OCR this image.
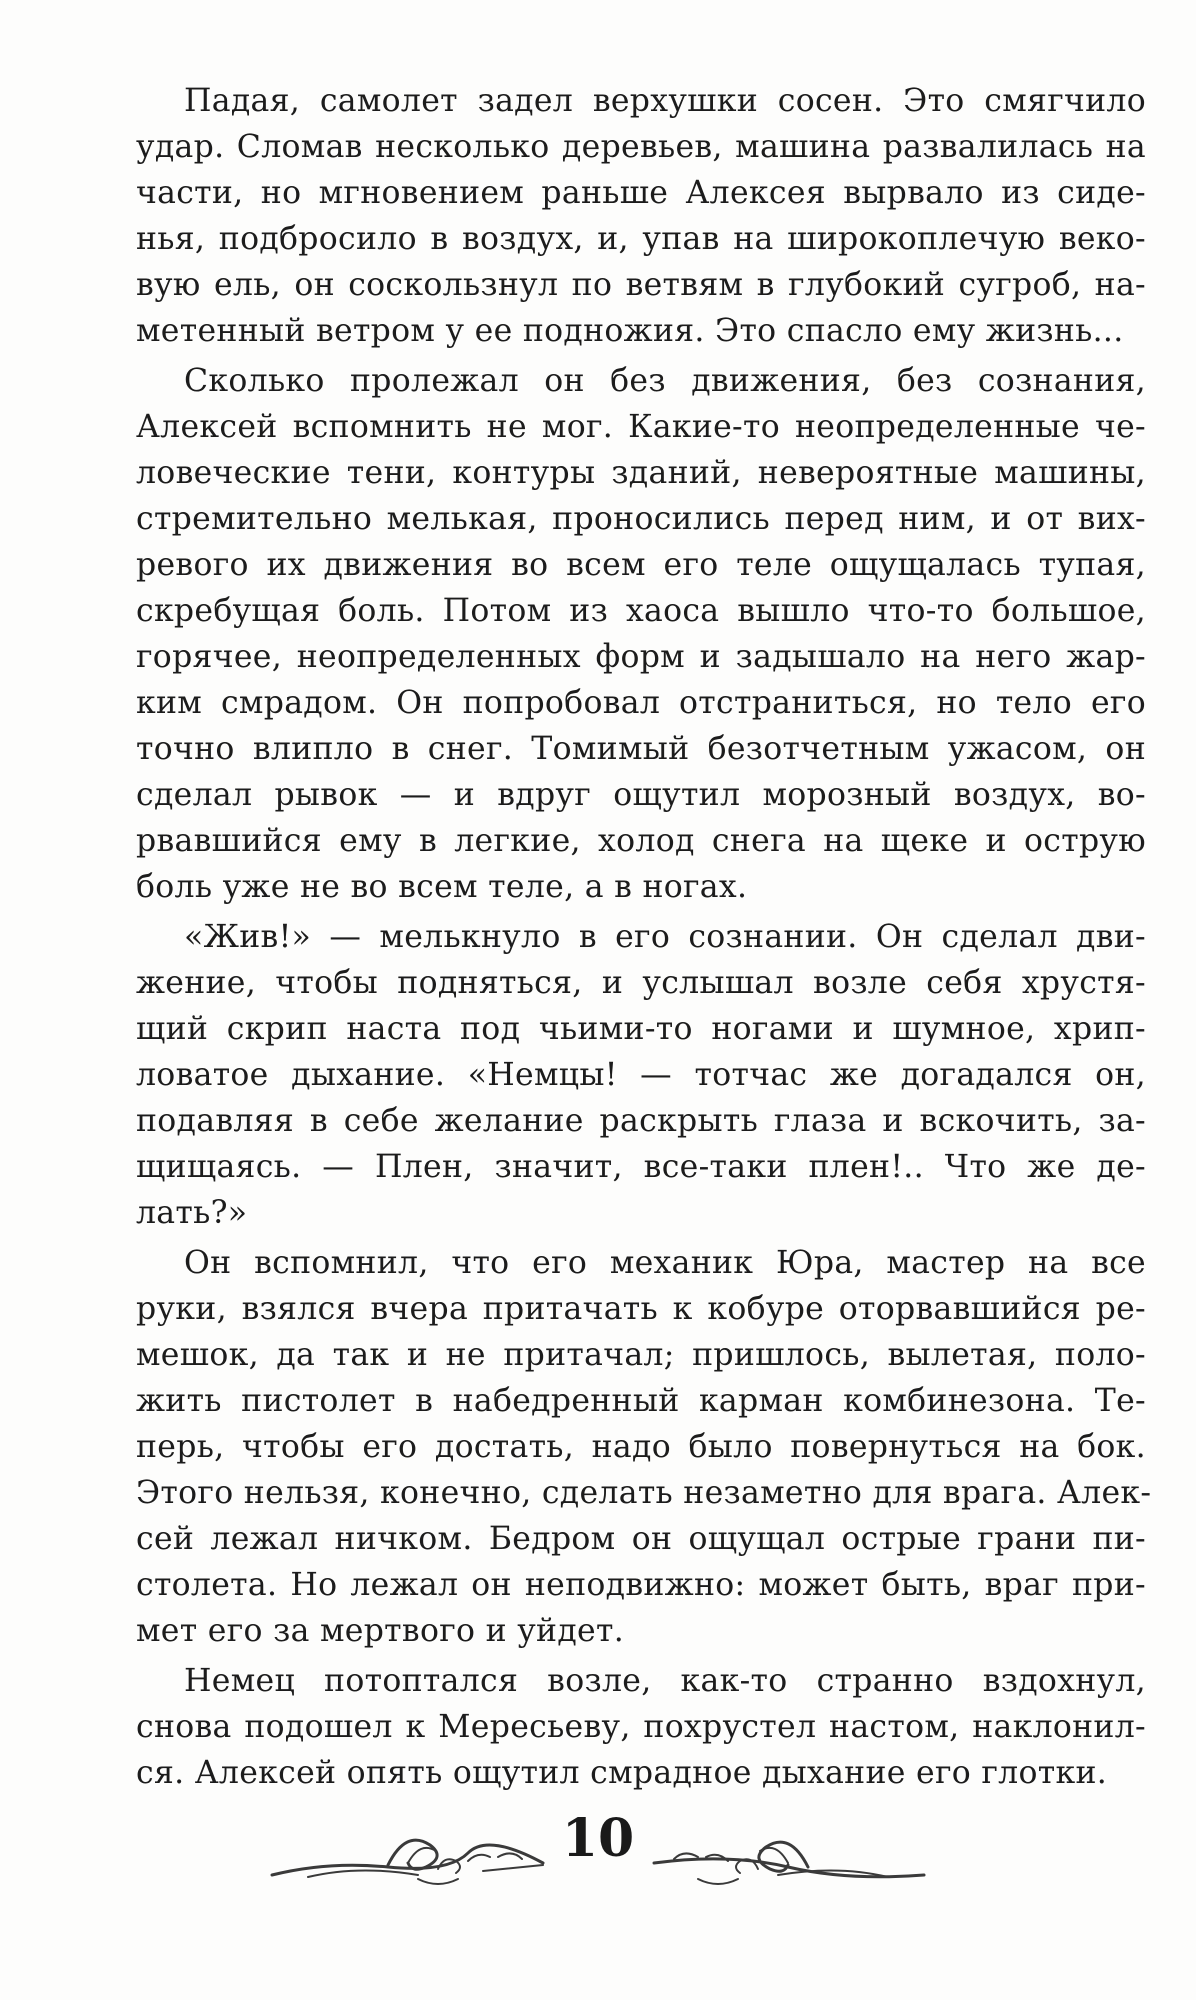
Падая, самолет задел верхушки сосен. Это смягчило
удар. Сломав несколько деревьев, машина развалилась на
части, но мгновением раньше Алексея вырвало из сиде-
нья, подбросило в воздух, и, упав на широкоплечую веко-
вую ель, он соскользнул по ветвям в глубокий сугроб, на-
метенный ветром у ее подножия. Это спасло ему жизнь...
Сколько пролежал он без движения, без сознания,
Алексей вспомнить не мог. Какие-то неопределенные че-
ловеческие тени, контуры зданий, невероятные машины,
стремительно мелькая, проносились перед ним, и от вих-
ревого их движения во всем его теле ощущалась тупая,
скребущая боль. Потом из хаоса вышло что-то большое,
горячее, неопределенных форм и задышало на него жар-
ким смрадом. Он попробовал отстраниться, но тело его
точно влипло в снег. Томимый безотчетным ужасом, он
сделал рывок — и вдруг ощутил морозный воздух, во-
рвавшийся ему в легкие, холод снега на щеке и острую
боль уже не во всем теле, а в ногах.
«Жив!» — мелькнуло в его сознании. Он сделал дви-
жение, чтобы подняться, и услышал возле себя хрустя-
щий скрип наста под чьими-то ногами и шумное, хрип-
ловатое дыхание. «Немцы! — тотчас же догадался он,
подавляя в себе желание раскрыть глаза и вскочить, за-
щищаясь. — Плен, значит, все-таки плен!.. Что же де-
лать?»
Он вспомнил, что его механик Юра, мастер на все
руки, взялся вчера притачать к кобуре оторвавшийся ре-
мешок, да так и не притачал; пришлось, вылетая, поло-
жить пистолет в набедренный карман комбинезона. Те-
перь, чтобы его достать, надо было повернуться на бок.
Этого нельзя, конечно, сделать незаметно для врага. Алек-
сей лежал ничком. Бедром он ощущал острые грани пи-
столета. Но лежал он неподвижно: может быть, враг при-
мет его за мертвого и уйдет.
Немец потоптался возле, как-то странно вздохнул,
снова подошел к Мересьеву, похрустел настом, наклонил-
ся. Алексей опять ощутил смрадное дыхание его глотки.
10
